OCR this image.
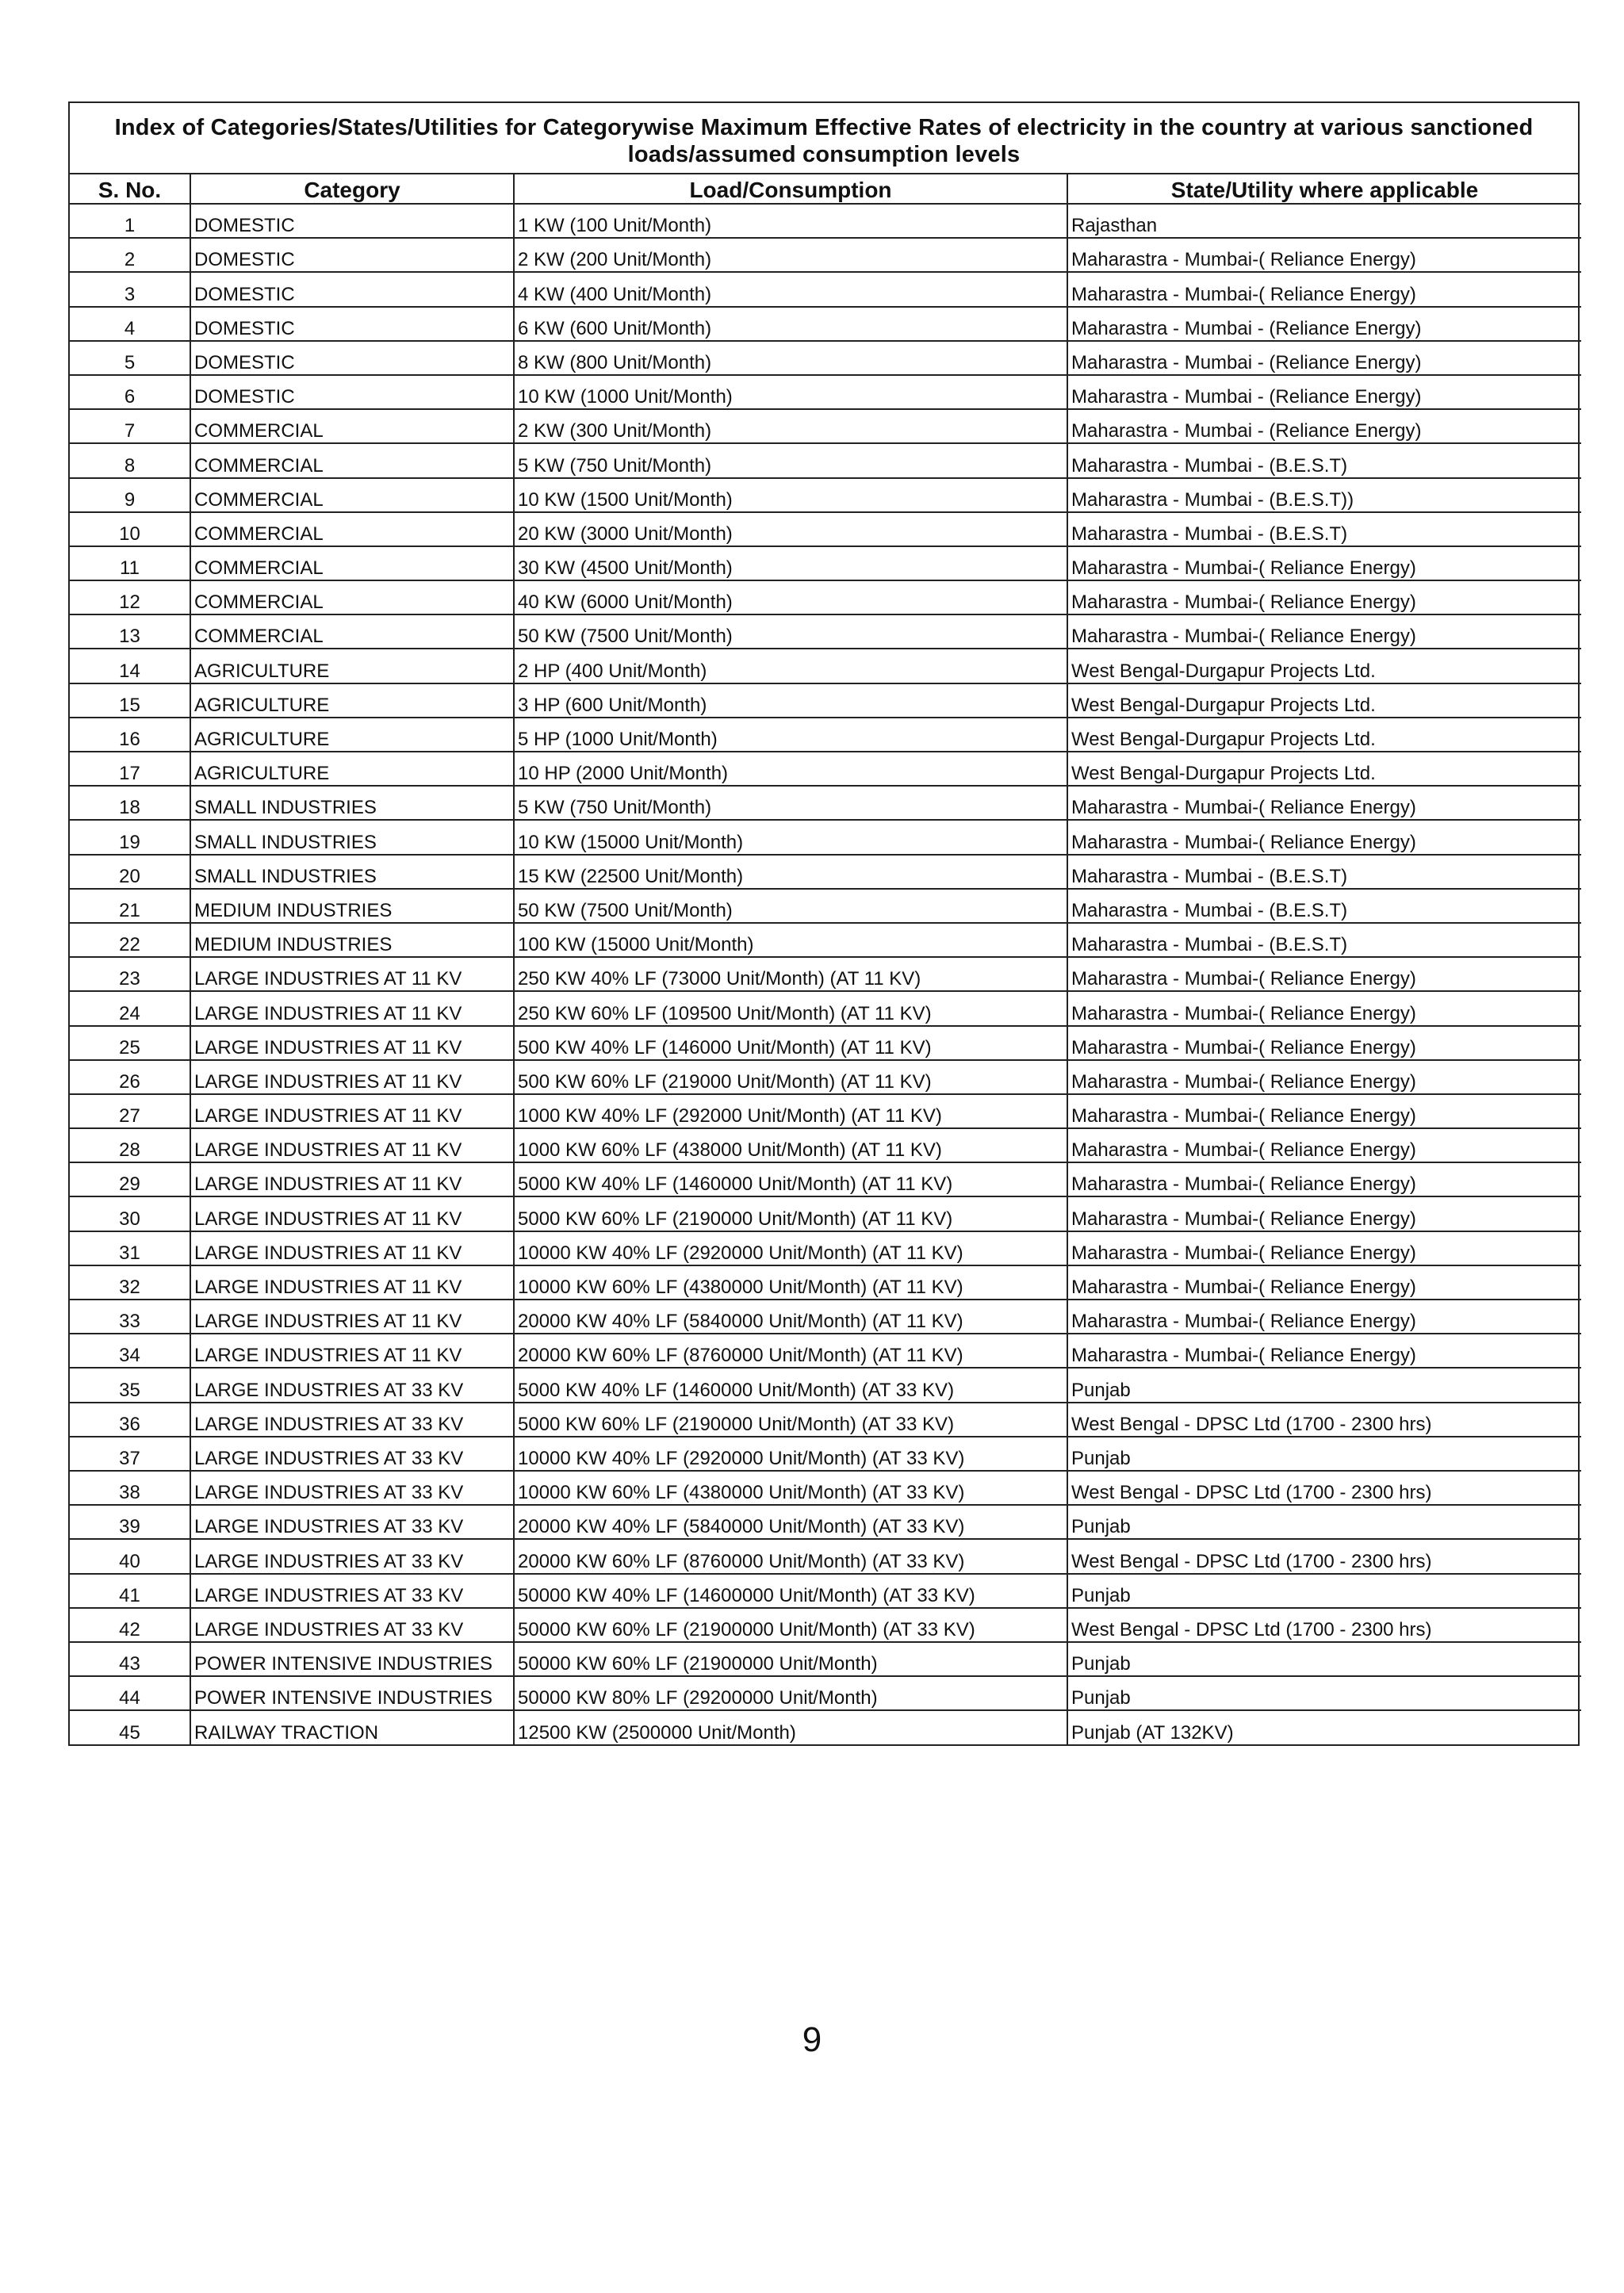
Index of Categories/States/Utilities for Categorywise Maximum Effective Rates of electricity in the country at various sanctioned loads/assumed consumption levels
S. No.	Category	Load/Consumption	State/Utility where applicable
1	DOMESTIC	1 KW (100 Unit/Month)	Rajasthan
2	DOMESTIC	2 KW (200 Unit/Month)	Maharastra - Mumbai-( Reliance Energy)
3	DOMESTIC	4 KW (400 Unit/Month)	Maharastra - Mumbai-( Reliance Energy)
4	DOMESTIC	6 KW (600 Unit/Month)	Maharastra - Mumbai - (Reliance Energy)
5	DOMESTIC	8 KW (800 Unit/Month)	Maharastra - Mumbai - (Reliance Energy)
6	DOMESTIC	10 KW (1000 Unit/Month)	Maharastra - Mumbai - (Reliance Energy)
7	COMMERCIAL	2 KW (300 Unit/Month)	Maharastra - Mumbai - (Reliance Energy)
8	COMMERCIAL	5 KW (750 Unit/Month)	Maharastra - Mumbai - (B.E.S.T)
9	COMMERCIAL	10 KW (1500 Unit/Month)	Maharastra - Mumbai - (B.E.S.T))
10	COMMERCIAL	20 KW (3000 Unit/Month)	Maharastra - Mumbai - (B.E.S.T)
11	COMMERCIAL	30 KW (4500 Unit/Month)	Maharastra - Mumbai-( Reliance Energy)
12	COMMERCIAL	40 KW (6000 Unit/Month)	Maharastra - Mumbai-( Reliance Energy)
13	COMMERCIAL	50 KW (7500 Unit/Month)	Maharastra - Mumbai-( Reliance Energy)
14	AGRICULTURE	2 HP (400 Unit/Month)	West Bengal-Durgapur Projects Ltd.
15	AGRICULTURE	3 HP (600 Unit/Month)	West Bengal-Durgapur Projects Ltd.
16	AGRICULTURE	5 HP (1000 Unit/Month)	West Bengal-Durgapur Projects Ltd.
17	AGRICULTURE	10 HP (2000 Unit/Month)	West Bengal-Durgapur Projects Ltd.
18	SMALL INDUSTRIES	5 KW (750 Unit/Month)	Maharastra - Mumbai-( Reliance Energy)
19	SMALL INDUSTRIES	10 KW (15000 Unit/Month)	Maharastra - Mumbai-( Reliance Energy)
20	SMALL INDUSTRIES	15 KW (22500 Unit/Month)	Maharastra - Mumbai - (B.E.S.T)
21	MEDIUM INDUSTRIES	50 KW (7500 Unit/Month)	Maharastra - Mumbai - (B.E.S.T)
22	MEDIUM INDUSTRIES	100 KW (15000 Unit/Month)	Maharastra - Mumbai - (B.E.S.T)
23	LARGE INDUSTRIES AT 11 KV	250 KW 40% LF (73000 Unit/Month) (AT 11 KV)	Maharastra - Mumbai-( Reliance Energy)
24	LARGE INDUSTRIES AT 11 KV	250 KW 60% LF (109500 Unit/Month) (AT 11 KV)	Maharastra - Mumbai-( Reliance Energy)
25	LARGE INDUSTRIES AT 11 KV	500 KW 40% LF (146000 Unit/Month) (AT 11 KV)	Maharastra - Mumbai-( Reliance Energy)
26	LARGE INDUSTRIES AT 11 KV	500 KW 60% LF (219000 Unit/Month) (AT 11 KV)	Maharastra - Mumbai-( Reliance Energy)
27	LARGE INDUSTRIES AT 11 KV	1000 KW 40% LF (292000 Unit/Month) (AT 11 KV)	Maharastra - Mumbai-( Reliance Energy)
28	LARGE INDUSTRIES AT 11 KV	1000 KW 60% LF (438000 Unit/Month) (AT 11 KV)	Maharastra - Mumbai-( Reliance Energy)
29	LARGE INDUSTRIES AT 11 KV	5000 KW 40% LF (1460000 Unit/Month) (AT 11 KV)	Maharastra - Mumbai-( Reliance Energy)
30	LARGE INDUSTRIES AT 11 KV	5000 KW 60% LF (2190000 Unit/Month) (AT 11 KV)	Maharastra - Mumbai-( Reliance Energy)
31	LARGE INDUSTRIES AT 11 KV	10000 KW 40% LF (2920000 Unit/Month) (AT 11 KV)	Maharastra - Mumbai-( Reliance Energy)
32	LARGE INDUSTRIES AT 11 KV	10000 KW 60% LF (4380000 Unit/Month) (AT 11 KV)	Maharastra - Mumbai-( Reliance Energy)
33	LARGE INDUSTRIES AT 11 KV	20000 KW 40% LF (5840000 Unit/Month) (AT 11 KV)	Maharastra - Mumbai-( Reliance Energy)
34	LARGE INDUSTRIES AT 11 KV	20000 KW 60% LF (8760000 Unit/Month) (AT 11 KV)	Maharastra - Mumbai-( Reliance Energy)
35	LARGE INDUSTRIES AT 33 KV	5000 KW 40% LF (1460000 Unit/Month) (AT 33 KV)	Punjab
36	LARGE INDUSTRIES AT 33 KV	5000 KW 60% LF (2190000 Unit/Month) (AT 33 KV)	West Bengal - DPSC Ltd (1700 - 2300 hrs)
37	LARGE INDUSTRIES AT 33 KV	10000 KW 40% LF (2920000 Unit/Month) (AT 33 KV)	Punjab
38	LARGE INDUSTRIES AT 33 KV	10000 KW 60% LF (4380000 Unit/Month) (AT 33 KV)	West Bengal - DPSC Ltd (1700 - 2300 hrs)
39	LARGE INDUSTRIES AT 33 KV	20000 KW 40% LF (5840000 Unit/Month) (AT 33 KV)	Punjab
40	LARGE INDUSTRIES AT 33 KV	20000 KW 60% LF (8760000 Unit/Month) (AT 33 KV)	West Bengal - DPSC Ltd (1700 - 2300 hrs)
41	LARGE INDUSTRIES AT 33 KV	50000 KW 40% LF (14600000 Unit/Month) (AT 33 KV)	Punjab
42	LARGE INDUSTRIES AT 33 KV	50000 KW 60% LF (21900000 Unit/Month) (AT 33 KV)	West Bengal - DPSC Ltd (1700 - 2300 hrs)
43	POWER INTENSIVE INDUSTRIES	50000 KW 60% LF (21900000 Unit/Month)	Punjab
44	POWER INTENSIVE INDUSTRIES	50000 KW 80% LF (29200000 Unit/Month)	Punjab
45	RAILWAY TRACTION	12500 KW (2500000 Unit/Month)	Punjab (AT 132KV)
9
